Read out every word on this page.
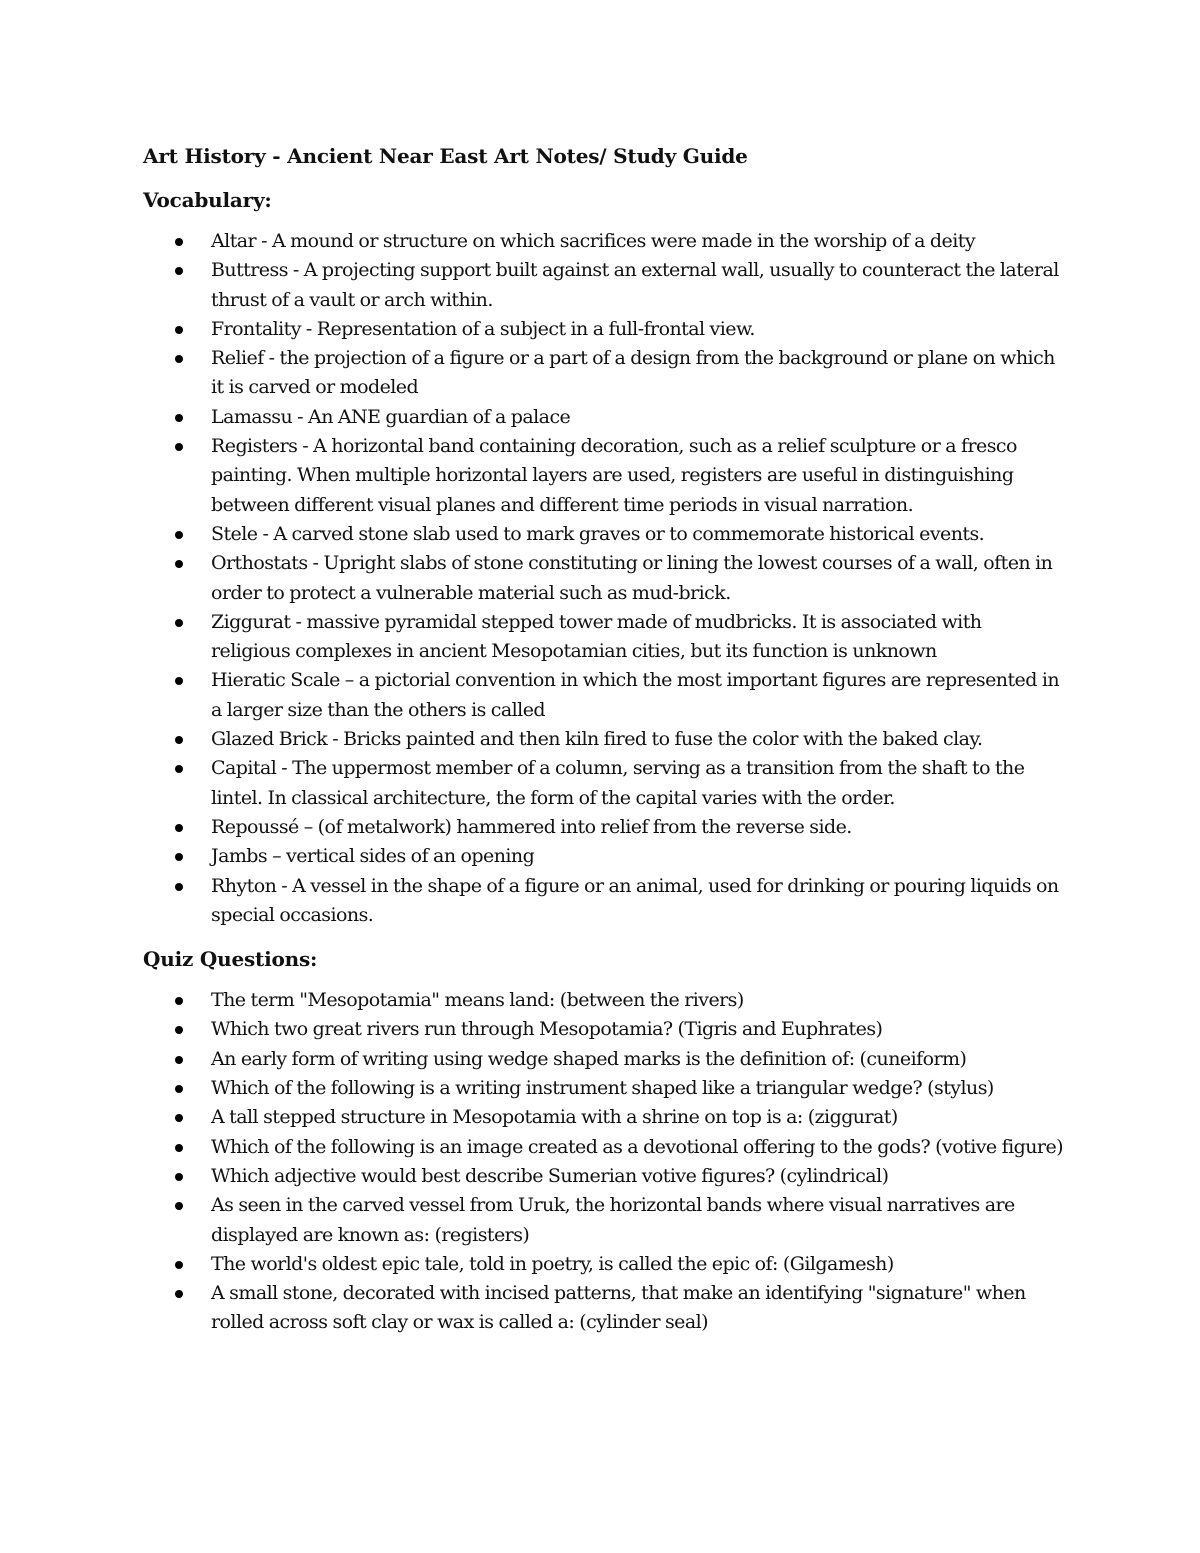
Art History - Ancient Near East Art Notes/ Study Guide
Vocabulary:
Altar - A mound or structure on which sacrifices were made in the worship of a deity
Buttress - A projecting support built against an external wall, usually to counteract the lateral thrust of a vault or arch within.
Frontality - Representation of a subject in a full-frontal view.
Relief - the projection of a figure or a part of a design from the background or plane on which it is carved or modeled
Lamassu - An ANE guardian of a palace
Registers - A horizontal band containing decoration, such as a relief sculpture or a fresco painting. When multiple horizontal layers are used, registers are useful in distinguishing between different visual planes and different time periods in visual narration.
Stele - A carved stone slab used to mark graves or to commemorate historical events.
Orthostats - Upright slabs of stone constituting or lining the lowest courses of a wall, often in order to protect a vulnerable material such as mud-brick.
Ziggurat - massive pyramidal stepped tower made of mudbricks. It is associated with religious complexes in ancient Mesopotamian cities, but its function is unknown
Hieratic Scale – a pictorial convention in which the most important figures are represented in a larger size than the others is called
Glazed Brick - Bricks painted and then kiln fired to fuse the color with the baked clay.
Capital - The uppermost member of a column, serving as a transition from the shaft to the lintel. In classical architecture, the form of the capital varies with the order.
Repoussé – (of metalwork) hammered into relief from the reverse side.
Jambs – vertical sides of an opening
Rhyton - A vessel in the shape of a figure or an animal, used for drinking or pouring liquids on special occasions.
Quiz Questions:
The term "Mesopotamia" means land: (between the rivers)
Which two great rivers run through Mesopotamia? (Tigris and Euphrates)
An early form of writing using wedge shaped marks is the definition of: (cuneiform)
Which of the following is a writing instrument shaped like a triangular wedge? (stylus)
A tall stepped structure in Mesopotamia with a shrine on top is a: (ziggurat)
Which of the following is an image created as a devotional offering to the gods? (votive figure)
Which adjective would best describe Sumerian votive figures? (cylindrical)
As seen in the carved vessel from Uruk, the horizontal bands where visual narratives are displayed are known as: (registers)
The world's oldest epic tale, told in poetry, is called the epic of: (Gilgamesh)
A small stone, decorated with incised patterns, that make an identifying "signature" when rolled across soft clay or wax is called a: (cylinder seal)
